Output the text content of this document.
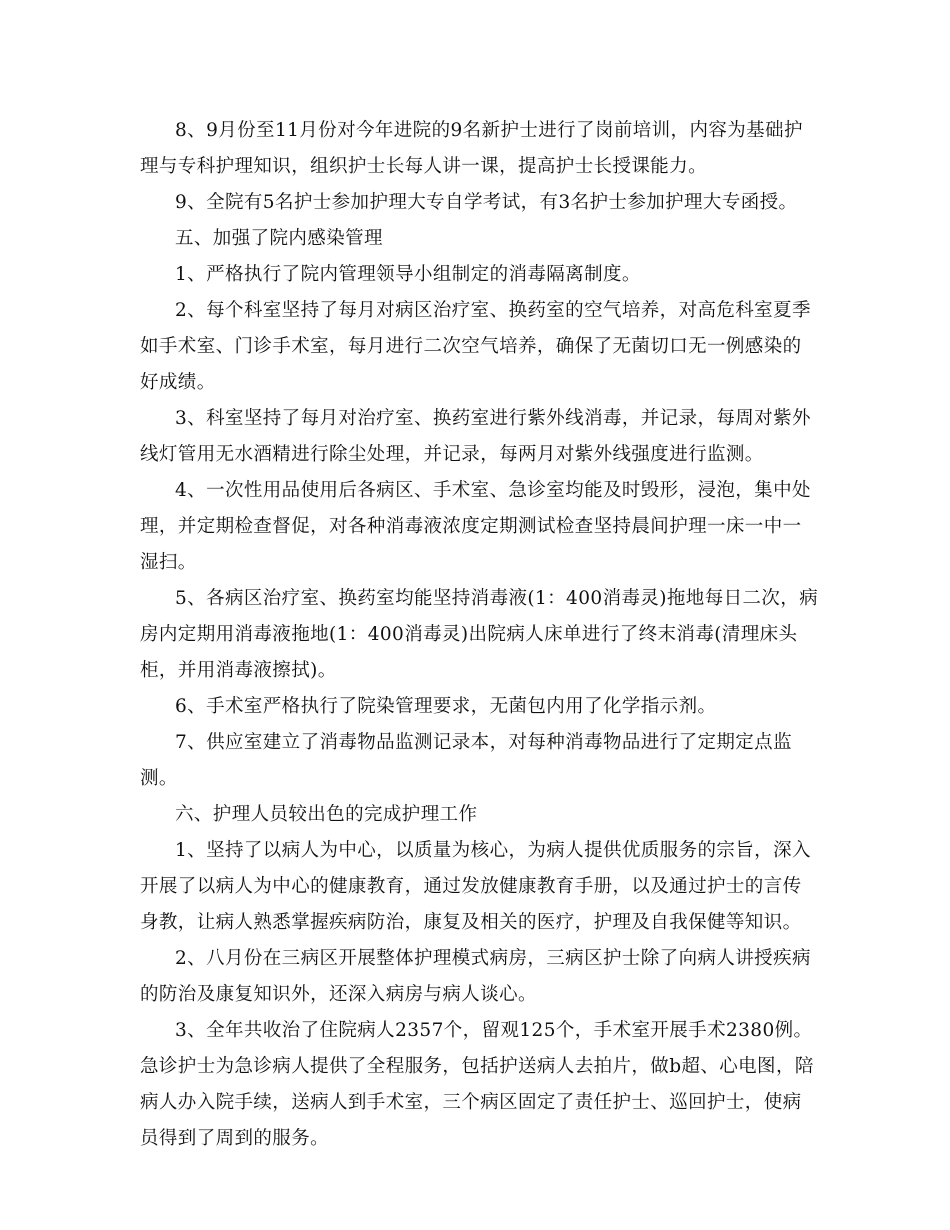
8、9月份至11月份对今年进院的9名新护士进行了岗前培训，内容为基础护理与专科护理知识，组织护士长每人讲一课，提高护士长授课能力。

9、全院有5名护士参加护理大专自学考试，有3名护士参加护理大专函授。

五、加强了院内感染管理

1、严格执行了院内管理领导小组制定的消毒隔离制度。

2、每个科室坚持了每月对病区治疗室、换药室的空气培养，对高危科室夏季如手术室、门诊手术室，每月进行二次空气培养，确保了无菌切口无一例感染的好成绩。

3、科室坚持了每月对治疗室、换药室进行紫外线消毒，并记录，每周对紫外线灯管用无水酒精进行除尘处理，并记录，每两月对紫外线强度进行监测。

4、一次性用品使用后各病区、手术室、急诊室均能及时毁形，浸泡，集中处理，并定期检查督促，对各种消毒液浓度定期测试检查坚持晨间护理一床一中一湿扫。

5、各病区治疗室、换药室均能坚持消毒液(1：400消毒灵)拖地每日二次，病房内定期用消毒液拖地(1：400消毒灵)出院病人床单进行了终末消毒(清理床头柜，并用消毒液擦拭)。

6、手术室严格执行了院染管理要求，无菌包内用了化学指示剂。

7、供应室建立了消毒物品监测记录本，对每种消毒物品进行了定期定点监测。

六、护理人员较出色的完成护理工作

1、坚持了以病人为中心，以质量为核心，为病人提供优质服务的宗旨，深入开展了以病人为中心的健康教育，通过发放健康教育手册，以及通过护士的言传身教，让病人熟悉掌握疾病防治，康复及相关的医疗，护理及自我保健等知识。

2、八月份在三病区开展整体护理模式病房，三病区护士除了向病人讲授疾病的防治及康复知识外，还深入病房与病人谈心。

3、全年共收治了住院病人2357个，留观125个，手术室开展手术2380例。

急诊护士为急诊病人提供了全程服务，包括护送病人去拍片，做b超、心电图，陪病人办入院手续，送病人到手术室，三个病区固定了责任护士、巡回护士，使病员得到了周到的服务。
